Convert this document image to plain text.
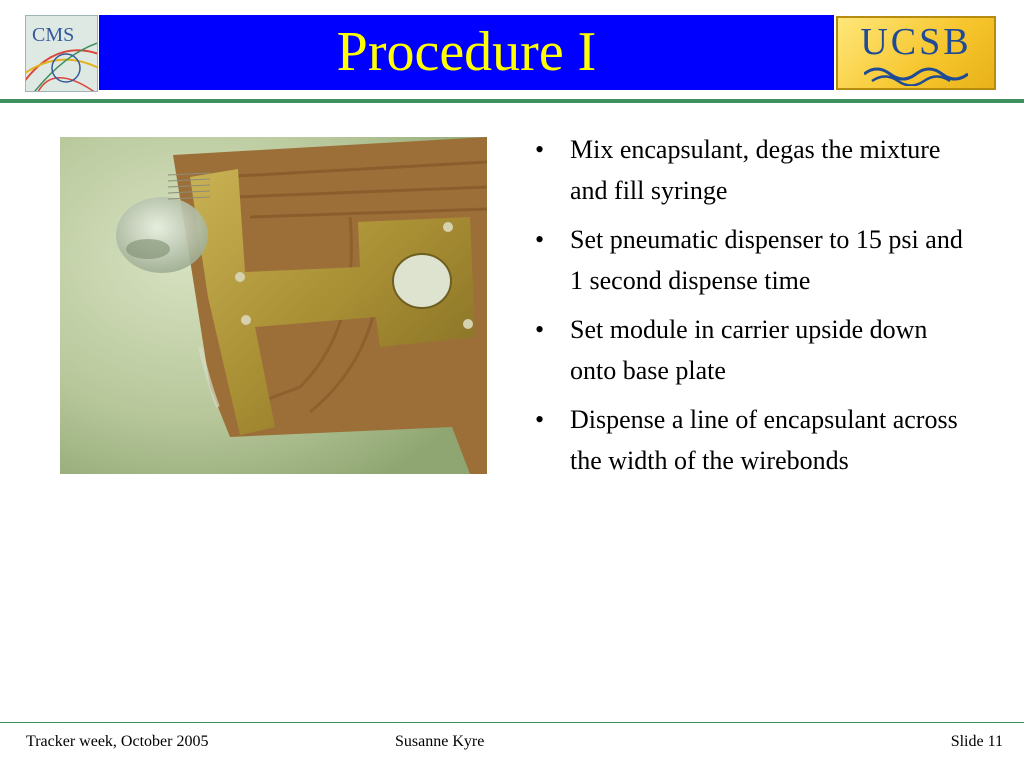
Procedure I
CMS	UCSB
• Mix encapsulant, degas the mixture and fill syringe
• Set pneumatic dispenser to 15 psi and 1 second dispense time
• Set module in carrier upside down onto base plate
• Dispense a line of encapsulant across the width of the wirebonds
Tracker week, October 2005	Susanne Kyre	Slide 11
